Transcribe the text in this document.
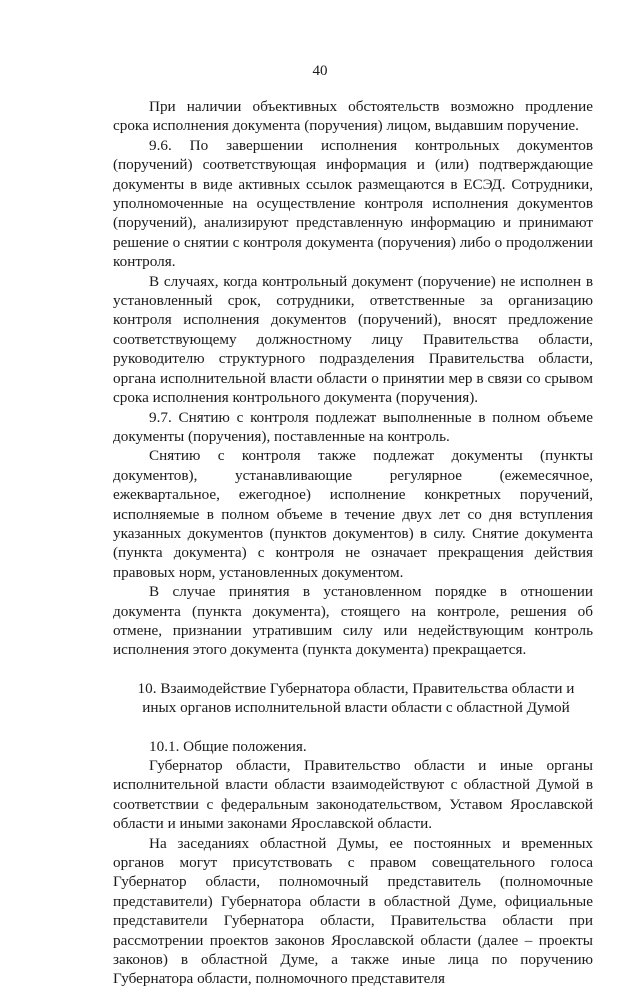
40

При наличии объективных обстоятельств возможно продление срока исполнения документа (поручения) лицом, выдавшим поручение.

9.6. По завершении исполнения контрольных документов (поручений) соответствующая информация и (или) подтверждающие документы в виде активных ссылок размещаются в ЕСЭД. Сотрудники, уполномоченные на осуществление контроля исполнения документов (поручений), анализируют представленную информацию и принимают решение о снятии с контроля документа (поручения) либо о продолжении контроля.

В случаях, когда контрольный документ (поручение) не исполнен в установленный срок, сотрудники, ответственные за организацию контроля исполнения документов (поручений), вносят предложение соответствующему должностному лицу Правительства области, руководителю структурного подразделения Правительства области, органа исполнительной власти области о принятии мер в связи со срывом срока исполнения контрольного документа (поручения).

9.7. Снятию с контроля подлежат выполненные в полном объеме документы (поручения), поставленные на контроль.

Снятию с контроля также подлежат документы (пункты документов), устанавливающие регулярное (ежемесячное, ежеквартальное, ежегодное) исполнение конкретных поручений, исполняемые в полном объеме в течение двух лет со дня вступления указанных документов (пунктов документов) в силу. Снятие документа (пункта документа) с контроля не означает прекращения действия правовых норм, установленных документом.

В случае принятия в установленном порядке в отношении документа (пункта документа), стоящего на контроле, решения об отмене, признании утратившим силу или недействующим контроль исполнения этого документа (пункта документа) прекращается.

10. Взаимодействие Губернатора области, Правительства области и иных органов исполнительной власти области с областной Думой

10.1. Общие положения.

Губернатор области, Правительство области и иные органы исполнительной власти области взаимодействуют с областной Думой в соответствии с федеральным законодательством, Уставом Ярославской области и иными законами Ярославской области.

На заседаниях областной Думы, ее постоянных и временных органов могут присутствовать с правом совещательного голоса Губернатор области, полномочный представитель (полномочные представители) Губернатора области в областной Думе, официальные представители Губернатора области, Правительства области при рассмотрении проектов законов Ярославской области (далее – проекты законов) в областной Думе, а также иные лица по поручению Губернатора области, полномочного представителя
